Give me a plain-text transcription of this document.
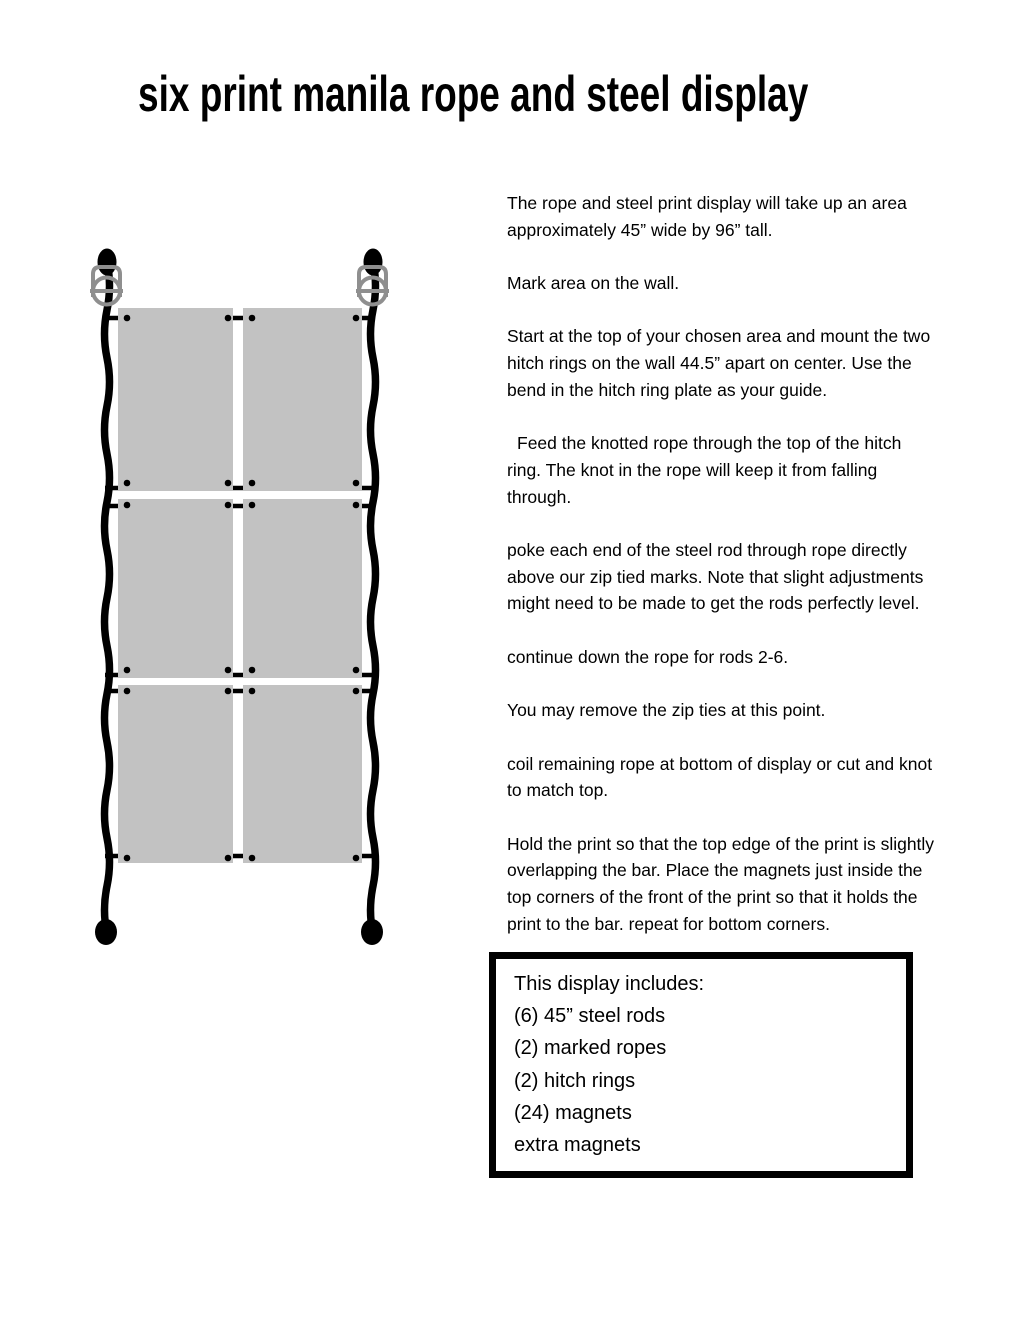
six print manila rope and steel display

The rope and steel print display will take up an area approximately 45” wide by 96” tall.

Mark area on the wall.

Start at the top of your chosen area and mount the two hitch rings on the wall 44.5” apart on center. Use the bend in the hitch ring plate as your guide.

Feed the knotted rope through the top of the hitch ring. The knot in the rope will keep it from falling through.

poke each end of the steel rod through rope directly above our zip tied marks. Note that slight adjustments might need to be made to get the rods perfectly level.

continue down the rope for rods 2-6.

You may remove the zip ties at this point.

coil remaining rope at bottom of display or cut and knot to match top.

Hold the print so that the top edge of the print is slightly overlapping the bar. Place the magnets just inside the top corners of the front of the print so that it holds the print to the bar. repeat for bottom corners.

This display includes:
(6) 45” steel rods
(2) marked ropes
(2) hitch rings
(24) magnets
extra magnets
